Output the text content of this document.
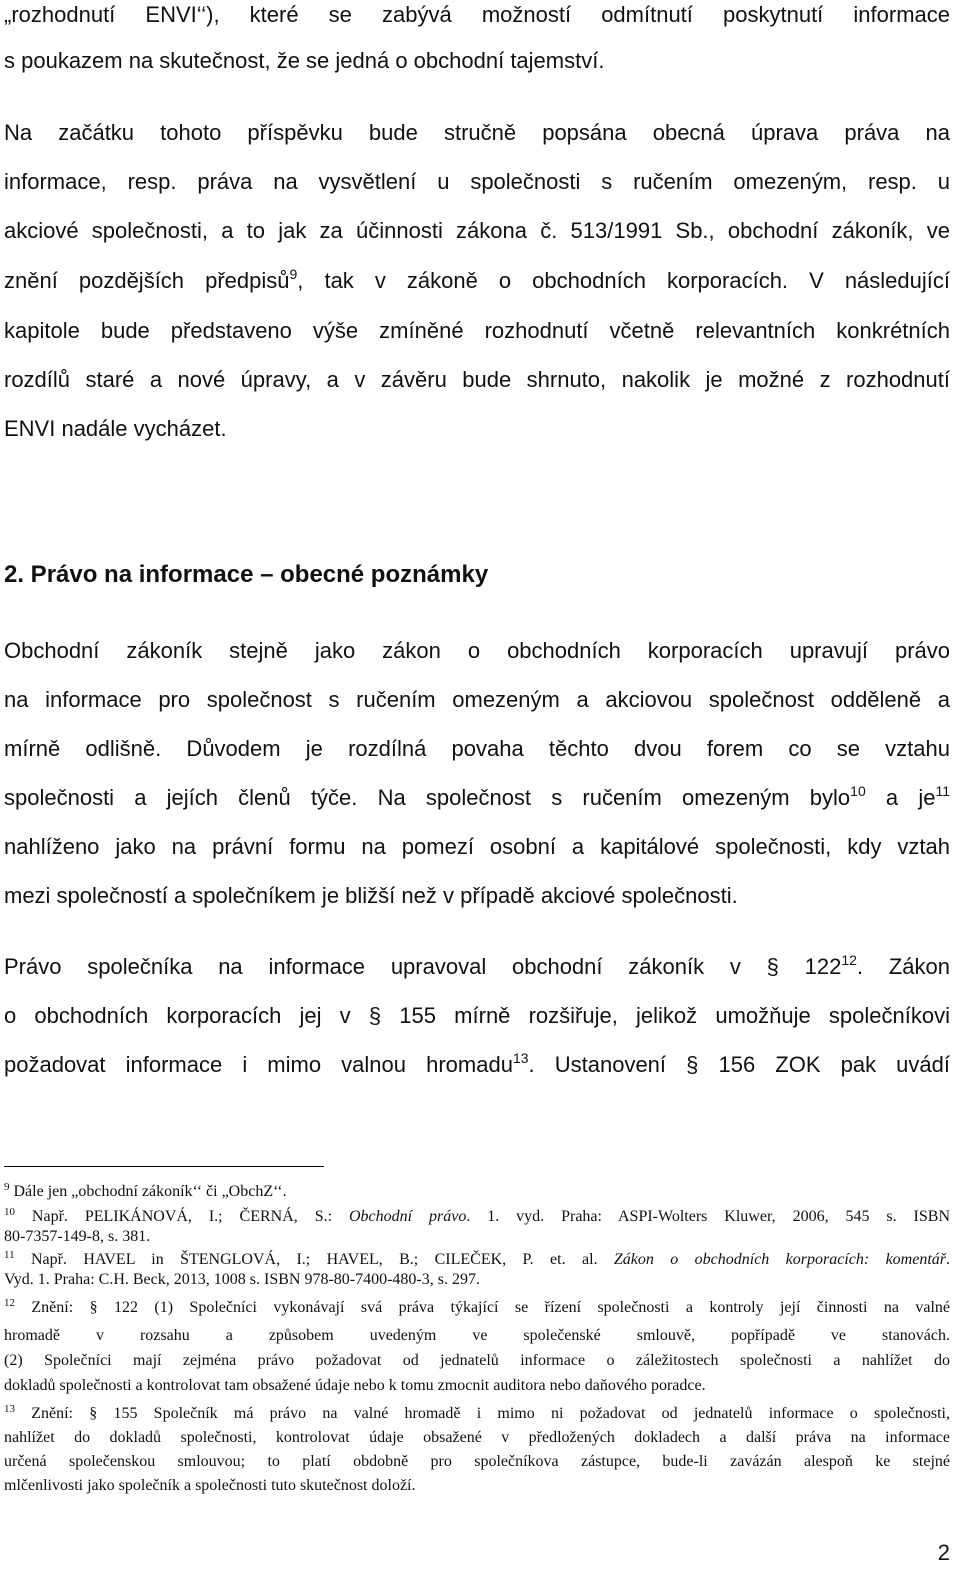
„rozhodnutí ENVI‘‘), které se zabývá možností odmítnutí poskytnutí informace
s poukazem na skutečnost, že se jedná o obchodní tajemství.
Na začátku tohoto příspěvku bude stručně popsána obecná úprava práva na
informace, resp. práva na vysvětlení u společnosti s ručením omezeným, resp. u
akciové společnosti, a to jak za účinnosti zákona č. 513/1991 Sb., obchodní zákoník, ve
znění pozdějších předpisů$^9$, tak v zákoně o obchodních korporacích. V následující
kapitole bude představeno výše zmíněné rozhodnutí včetně relevantních konkrétních
rozdílů staré a nové úpravy, a v závěru bude shrnuto, nakolik je možné z rozhodnutí
ENVI nadále vycházet.
2. Právo na informace – obecné poznámky
Obchodní zákoník stejně jako zákon o obchodních korporacích upravují právo
na informace pro společnost s ručením omezeným a akciovou společnost odděleně a
mírně odlišně. Důvodem je rozdílná povaha těchto dvou forem co se vztahu
společnosti a jejích členů týče. Na společnost s ručením omezeným bylo$^{10}$ a $je^{11}$
nahlíženo jako na právní formu na pomezí osobní a kapitálové společnosti, kdy vztah
mezi společností a společníkem je bližší než v případě akciové společnosti.
Právo společníka na informace upravoval obchodní zákoník v § $122^{12}$. Zákon
o obchodních korporacích jej v § 155 mírně rozšiřuje, jelikož umožňuje společníkovi
požadovat informace i mimo valnou hromadu$^{13}$. Ustanovení § 156 ZOK pak uvádí
$^9$ Dále jen „obchodní zákoník‘‘ či „ObchZ‘‘.
$^{10}$ Např. PELIKÁNOVÁ, I.; ČERNÁ, S.: Obchodní právo. 1. vyd. Praha: ASPI-Wolters Kluwer, 2006, 545 s. ISBN
80-7357-149-8, s. 381.
$^{11}$ Např. HAVEL in ŠTENGLOVÁ, I.; HAVEL, B.; CILEČEK, P. et. al. Zákon o obchodních korporacích: komentář.
Vyd. 1. Praha: C.H. Beck, 2013, 1008 s. ISBN 978-80-7400-480-3, s. 297.
$^{12}$ Znění: § 122 (1) Společníci vykonávají svá práva týkající se řízení společnosti a kontroly její činnosti na valné
hromadě v rozsahu a způsobem uvedeným ve společenské smlouvě, popřípadě ve stanovách.
(2) Společníci mají zejména právo požadovat od jednatelů informace o záležitostech společnosti a nahlížet do
dokladů společnosti a kontrolovat tam obsažené údaje nebo k tomu zmocnit auditora nebo daňového poradce.
$^{13}$ Znění: § 155 Společník má právo na valné hromadě i mimo ni požadovat od jednatelů informace o společnosti,
nahlížet do dokladů společnosti, kontrolovat údaje obsažené v předložených dokladech a další práva na informace
určená společenskou smlouvou; to platí obdobně pro společníkova zástupce, bude-li zavázán alespoň ke stejné
mlčenlivosti jako společník a společnosti tuto skutečnost doloží.
2
